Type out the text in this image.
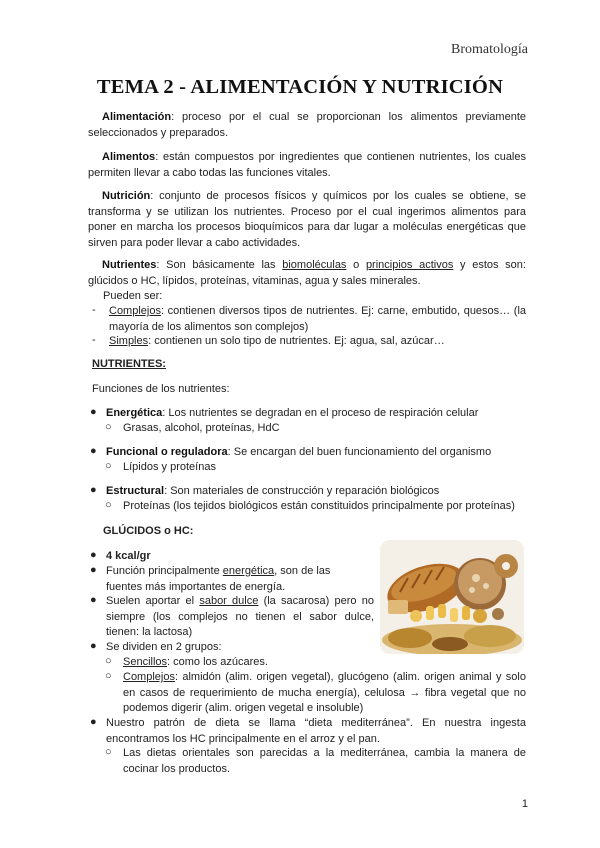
Bromatología
TEMA 2 - ALIMENTACIÓN Y NUTRICIÓN

Alimentación: proceso por el cual se proporcionan los alimentos previamente seleccionados y preparados.

Alimentos: están compuestos por ingredientes que contienen nutrientes, los cuales permiten llevar a cabo todas las funciones vitales.

Nutrición: conjunto de procesos físicos y químicos por los cuales se obtiene, se transforma y se utilizan los nutrientes. Proceso por el cual ingerimos alimentos para poner en marcha los procesos bioquímicos para dar lugar a moléculas energéticas que sirven para poder llevar a cabo actividades.

Nutrientes: Son básicamente las biomoléculas o principios activos y estos son: glúcidos o HC, lípidos, proteínas, vitaminas, agua y sales minerales.

Pueden ser:
- Complejos: contienen diversos tipos de nutrientes. Ej: carne, embutido, quesos… (la mayoría de los alimentos son complejos)

- Simples: contienen un solo tipo de nutrientes. Ej: agua, sal, azúcar…

NUTRIENTES:
Funciones de los nutrientes:
● Energética: Los nutrientes se degradan en el proceso de respiración celular
○ Grasas, alcohol, proteínas, HdC
● Funcional o reguladora: Se encargan del buen funcionamiento del organismo
○ Lípidos y proteínas
● Estructural: Son materiales de construcción y reparación biológicos
○ Proteínas (los tejidos biológicos están constituidos principalmente por proteínas)
GLÚCIDOS o HC:
● 4 kcal/gr
● Función principalmente energética, son de las fuentes más importantes de energía.

● Suelen aportar el sabor dulce (la sacarosa) pero no siempre (los complejos no tienen el sabor dulce, tienen: la lactosa)

● Se dividen en 2 grupos:
○ Sencillos: como los azúcares.
○ Complejos: almidón (alim. origen vegetal), glucógeno (alim. origen animal y solo en casos de requerimiento de mucha energía), celulosa → fibra vegetal que no podemos digerir (alim. origen vegetal e insoluble)

● Nuestro patrón de dieta se llama “dieta mediterránea”. En nuestra ingesta encontramos los HC principalmente en el arroz y el pan.

○ Las dietas orientales son parecidas a la mediterránea, cambia la manera de cocinar los productos.

1
